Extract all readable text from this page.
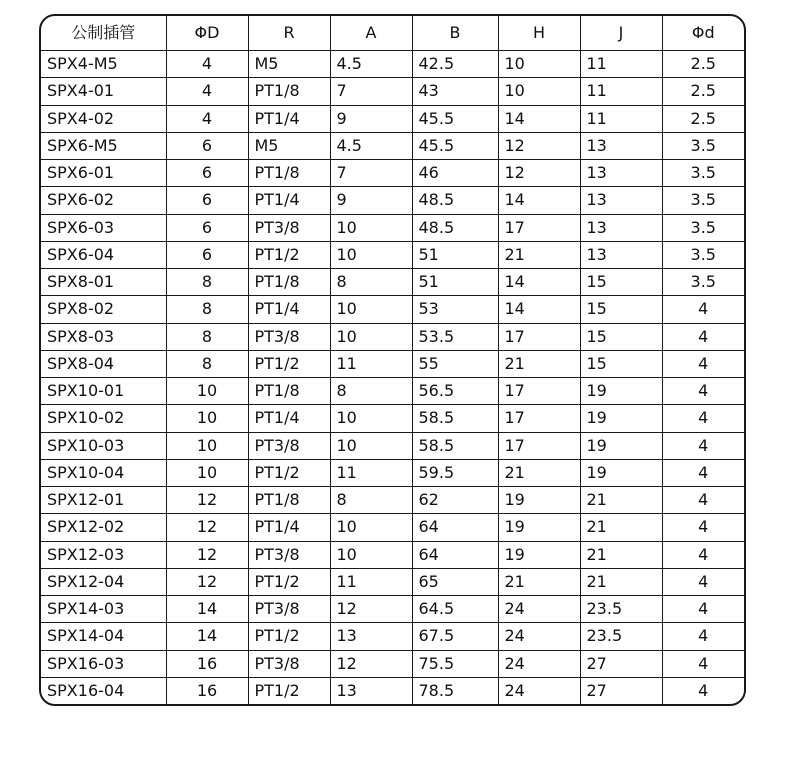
公制插管	ΦD	R	A	B	H	J	Φd
SPX4-M5	4	M5	4.5	42.5	10	11	2.5
SPX4-01	4	PT1/8	7	43	10	11	2.5
SPX4-02	4	PT1/4	9	45.5	14	11	2.5
SPX6-M5	6	M5	4.5	45.5	12	13	3.5
SPX6-01	6	PT1/8	7	46	12	13	3.5
SPX6-02	6	PT1/4	9	48.5	14	13	3.5
SPX6-03	6	PT3/8	10	48.5	17	13	3.5
SPX6-04	6	PT1/2	10	51	21	13	3.5
SPX8-01	8	PT1/8	8	51	14	15	3.5
SPX8-02	8	PT1/4	10	53	14	15	4
SPX8-03	8	PT3/8	10	53.5	17	15	4
SPX8-04	8	PT1/2	11	55	21	15	4
SPX10-01	10	PT1/8	8	56.5	17	19	4
SPX10-02	10	PT1/4	10	58.5	17	19	4
SPX10-03	10	PT3/8	10	58.5	17	19	4
SPX10-04	10	PT1/2	11	59.5	21	19	4
SPX12-01	12	PT1/8	8	62	19	21	4
SPX12-02	12	PT1/4	10	64	19	21	4
SPX12-03	12	PT3/8	10	64	19	21	4
SPX12-04	12	PT1/2	11	65	21	21	4
SPX14-03	14	PT3/8	12	64.5	24	23.5	4
SPX14-04	14	PT1/2	13	67.5	24	23.5	4
SPX16-03	16	PT3/8	12	75.5	24	27	4
SPX16-04	16	PT1/2	13	78.5	24	27	4
